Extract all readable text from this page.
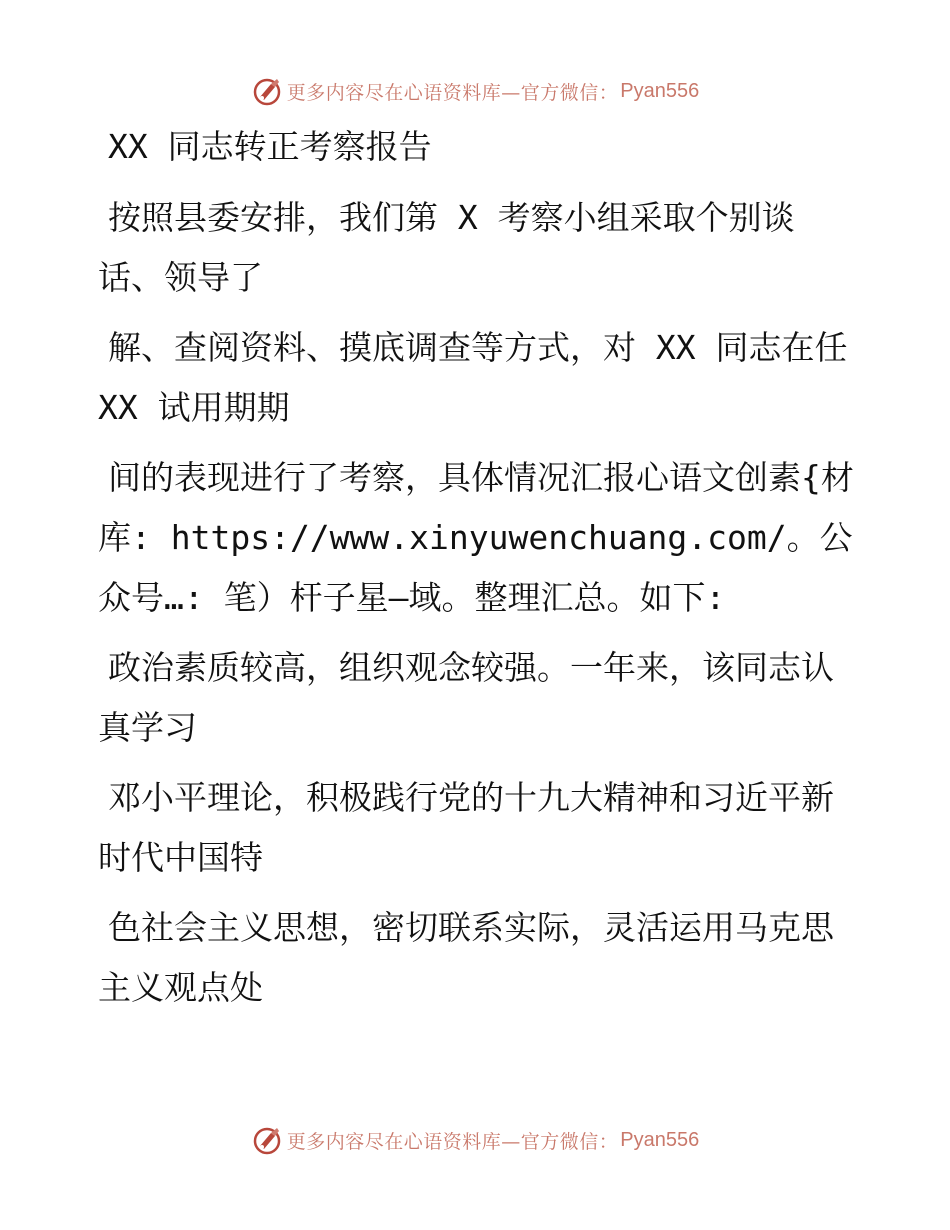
更多内容尽在心语资料库—官方微信： Pyan556
XX 同志转正考察报告

按照县委安排，我们第 X 考察小组采取个别谈话、领导了

解、查阅资料、摸底调查等方式，对 XX 同志在任 XX 试用期期

间的表现进行了考察，具体情况汇报心语文创素{材库: https://www.xinyuwenchuang.com/。公众号…: 笔）杆子星—域。整理汇总。如下:

政治素质较高，组织观念较强。一年来，该同志认真学习

邓小平理论，积极践行党的十九大精神和习近平新时代中国特

色社会主义思想，密切联系实际，灵活运用马克思主义观点处

更多内容尽在心语资料库—官方微信： Pyan556
